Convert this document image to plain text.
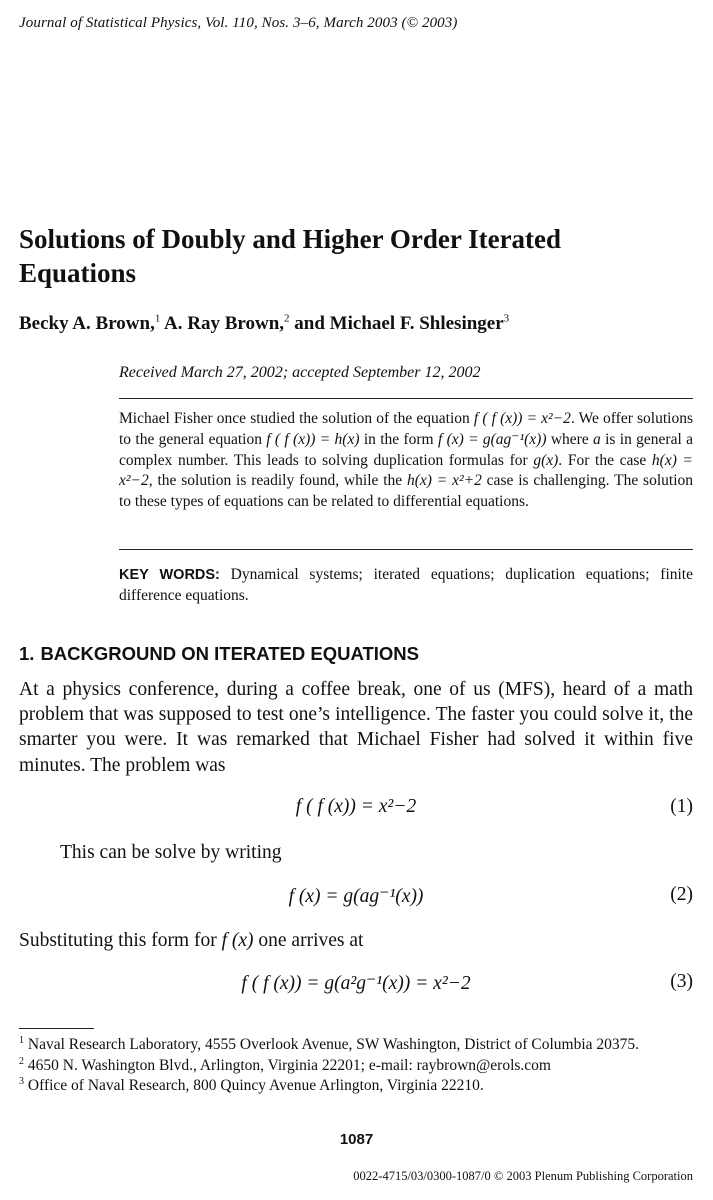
Journal of Statistical Physics, Vol. 110, Nos. 3–6, March 2003 (© 2003)
Solutions of Doubly and Higher Order Iterated Equations
Becky A. Brown,$^1$ A. Ray Brown,$^2$ and Michael F. Shlesinger$^3$
Received March 27, 2002; accepted September 12, 2002
Michael Fisher once studied the solution of the equation f ( f (x)) = x²−2. We offer solutions to the general equation f ( f (x)) = h(x) in the form f (x) = g(ag⁻¹(x)) where a is in general a complex number. This leads to solving duplication formulas for g(x). For the case h(x) = x²−2, the solution is readily found, while the h(x) = x²+2 case is challenging. The solution to these types of equations can be related to differential equations.
KEY WORDS: Dynamical systems; iterated equations; duplication equations; finite difference equations.
1. BACKGROUND ON ITERATED EQUATIONS

At a physics conference, during a coffee break, one of us (MFS), heard of a math problem that was supposed to test one’s intelligence. The faster you could solve it, the smarter you were. It was remarked that Michael Fisher had solved it within five minutes. The problem was

f ( f (x)) = x²−2	(1)

This can be solve by writing

f (x) = g(ag⁻¹(x))	(2)

Substituting this form for f (x) one arrives at

f ( f (x)) = g(a²g⁻¹(x)) = x²−2	(3)
$^1$ Naval Research Laboratory, 4555 Overlook Avenue, SW Washington, District of Columbia 20375.
$^2$ 4650 N. Washington Blvd., Arlington, Virginia 22201; e-mail: raybrown@erols.com
$^3$ Office of Naval Research, 800 Quincy Avenue Arlington, Virginia 22210.
1087
0022-4715/03/0300-1087/0 © 2003 Plenum Publishing Corporation
